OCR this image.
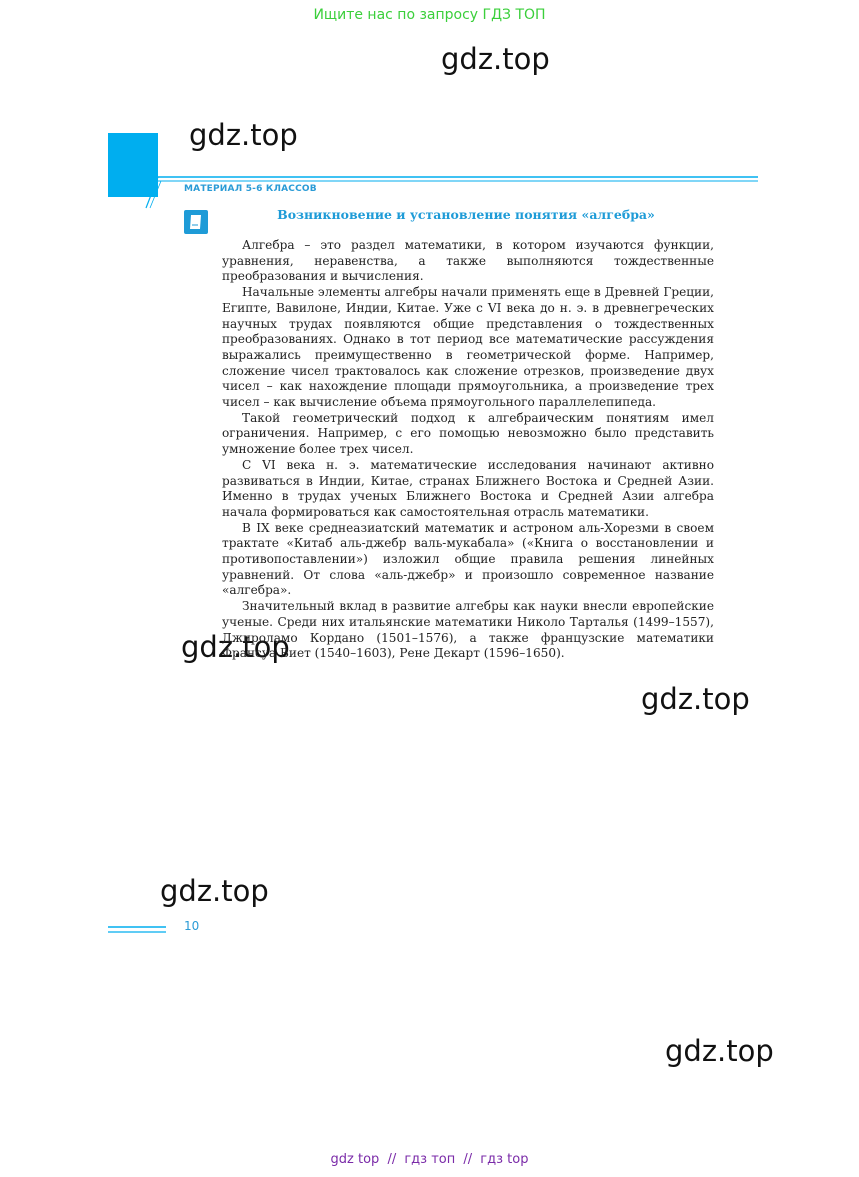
Ищите нас по запросу ГДЗ ТОП
gdz.top
gdz.top
gdz.top
gdz.top
gdz.top
gdz.top
МАТЕРИАЛ 5-6 КЛАССОВ
Возникновение и установление понятия «алгебра»

Алгебра – это раздел математики, в котором изучаются функции, уравнения, неравенства, а также выполняются тождественные преобразования и вычисления.

Начальные элементы алгебры начали применять еще в Древней Греции, Египте, Вавилоне, Индии, Китае. Уже с VI века до н. э. в древнегреческих научных трудах появляются общие представления о тождественных преобразованиях. Однако в тот период все математические рассуждения выражались преимущественно в геометрической форме. Например, сложение чисел трактовалось как сложение отрезков, произведение двух чисел – как нахождение площади прямоугольника, а произведение трех чисел – как вычисление объема прямоугольного параллелепипеда.

Такой геометрический подход к алгебраическим понятиям имел ограничения. Например, с его помощью невозможно было представить умножение более трех чисел.

С VI века н. э. математические исследования начинают активно развиваться в Индии, Китае, странах Ближнего Востока и Средней Азии. Именно в трудах ученых Ближнего Востока и Средней Азии алгебра начала формироваться как самостоятельная отрасль математики.

В IX веке среднеазиатский математик и астроном аль-Хорезми в своем трактате «Китаб аль-джебр валь-мукабала» («Книга о восстановлении и противопоставлении») изложил общие правила решения линейных уравнений. От слова «аль-джебр» и произошло современное название «алгебра».

Значительный вклад в развитие алгебры как науки внесли европейские ученые. Среди них итальянские математики Николо Тарталья (1499–1557), Джироламо Кордано (1501–1576), а также французские математики Франсуа Виет (1540–1603), Рене Декарт (1596–1650).

10
gdz top // гдз топ // гдз top
